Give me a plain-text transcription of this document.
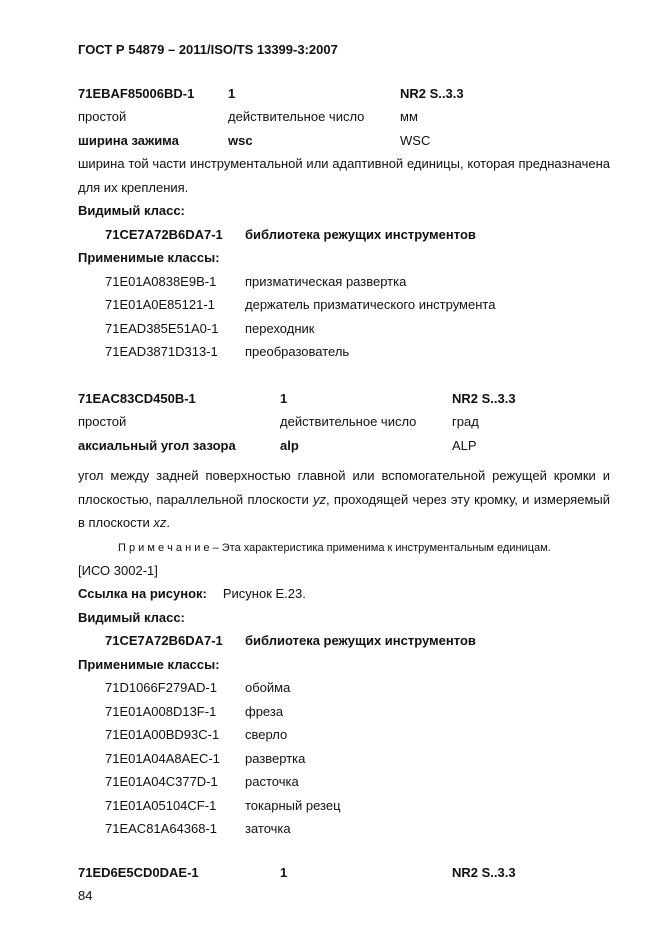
ГОСТ Р 54879 – 2011/ISO/TS 13399-3:2007
71EBAF85006BD-1	1	NR2 S..3.3
простой	действительное число	мм
ширина зажима	wsc	WSC

ширина той части инструментальной или адаптивной единицы, которая предназначена для их крепления.

Видимый класс:
71CE7A72B6DA7-1	библиотека режущих инструментов
Применимые классы:
71E01A0838E9B-1	призматическая развертка
71E01A0E85121-1	держатель призматического инструмента
71EAD385E51A0-1	переходник
71EAD3871D313-1	преобразователь
71EAC83CD450B-1	1	NR2 S..3.3
простой	действительное число	град
аксиальный угол зазора	alp	ALP

угол между задней поверхностью главной или вспомогательной режущей кромки и плоскостью, параллельной плоскости yz, проходящей через эту кромку, и измеряемый в плоскости xz.

П р и м е ч а н и е – Эта характеристика применима к инструментальным единицам.
[ИСО 3002-1]
Ссылка на рисунок: Рисунок Е.23.
Видимый класс:
71CE7A72B6DA7-1	библиотека режущих инструментов
Применимые классы:
71D1066F279AD-1	обойма
71E01A008D13F-1	фреза
71E01A00BD93C-1	сверло
71E01A04A8AEC-1	развертка
71E01A04C377D-1	расточка
71E01A05104CF-1	токарный резец
71EAC81A64368-1	заточка
71ED6E5CD0DAE-1	1	NR2 S..3.3
84
